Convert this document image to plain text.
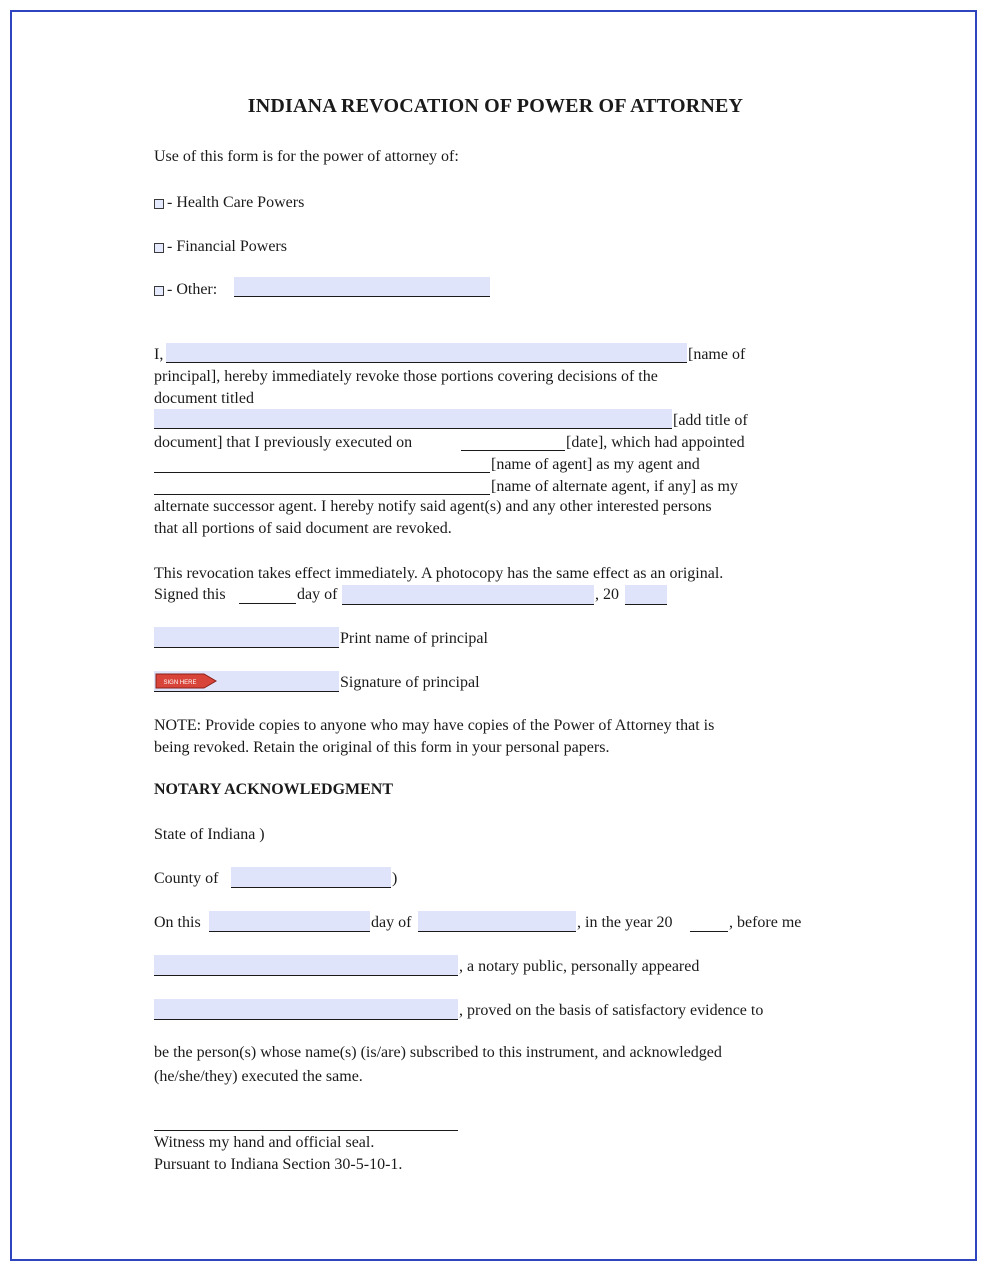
INDIANA REVOCATION OF POWER OF ATTORNEY
Use of this form is for the power of attorney of:
- Health Care Powers
- Financial Powers
- Other:
I,	[name of
principal], hereby immediately revoke those portions covering decisions of the
document titled
[add title of
document] that I previously executed on	[date], which had appointed
[name of agent] as my agent and
[name of alternate agent, if any] as my
alternate successor agent. I hereby notify said agent(s) and any other interested persons
that all portions of said document are revoked.
This revocation takes effect immediately. A photocopy has the same effect as an original.
Signed this	day of	, 20
Print name of principal
SIGN HERE	Signature of principal
NOTE: Provide copies to anyone who may have copies of the Power of Attorney that is
being revoked. Retain the original of this form in your personal papers.
NOTARY ACKNOWLEDGMENT
State of Indiana )
County of	)
On this	day of	, in the year 20	, before me
, a notary public, personally appeared
, proved on the basis of satisfactory evidence to
be the person(s) whose name(s) (is/are) subscribed to this instrument, and acknowledged
(he/she/they) executed the same.
Witness my hand and official seal.
Pursuant to Indiana Section 30-5-10-1.
